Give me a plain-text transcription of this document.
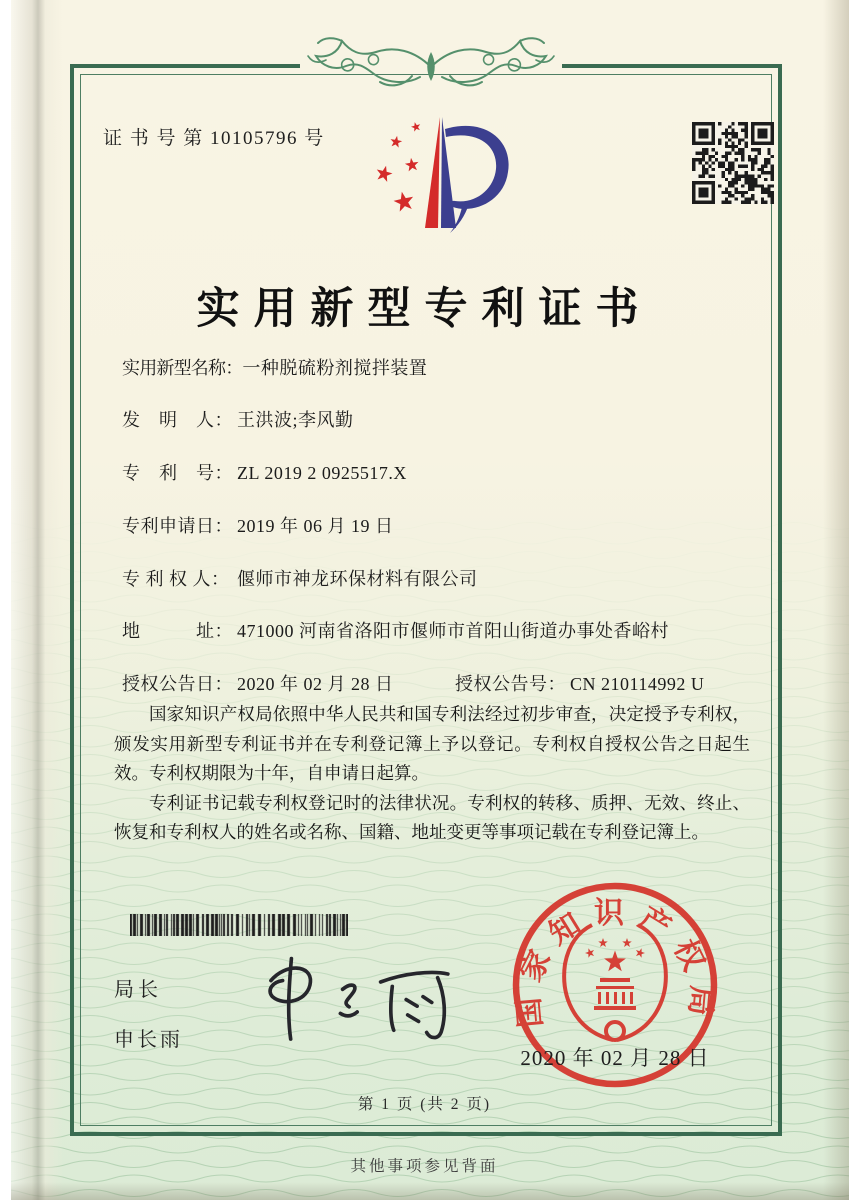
证 书 号 第 10105796 号
实用新型专利证书
实用新型名称：一种脱硫粉剂搅拌装置
发　明　人： 王洪波;李风勤
专　利　号： ZL 2019 2 0925517.X
专利申请日： 2019 年 06 月 19 日
专 利 权 人： 偃师市神龙环保材料有限公司
地　　　址： 471000 河南省洛阳市偃师市首阳山街道办事处香峪村
授权公告日： 2020 年 02 月 28 日	授权公告号： CN 210114992 U

国家知识产权局依照中华人民共和国专利法经过初步审查，决定授予专利权，颁发实用新型专利证书并在专利登记簿上予以登记。专利权自授权公告之日起生效。专利权期限为十年，自申请日起算。

专利证书记载专利权登记时的法律状况。专利权的转移、质押、无效、终止、恢复和专利权人的姓名或名称、国籍、地址变更等事项记载在专利登记簿上。

局长
申长雨
国家知识产权局
2020 年 02 月 28 日
第 1 页 (共 2 页)
其他事项参见背面
